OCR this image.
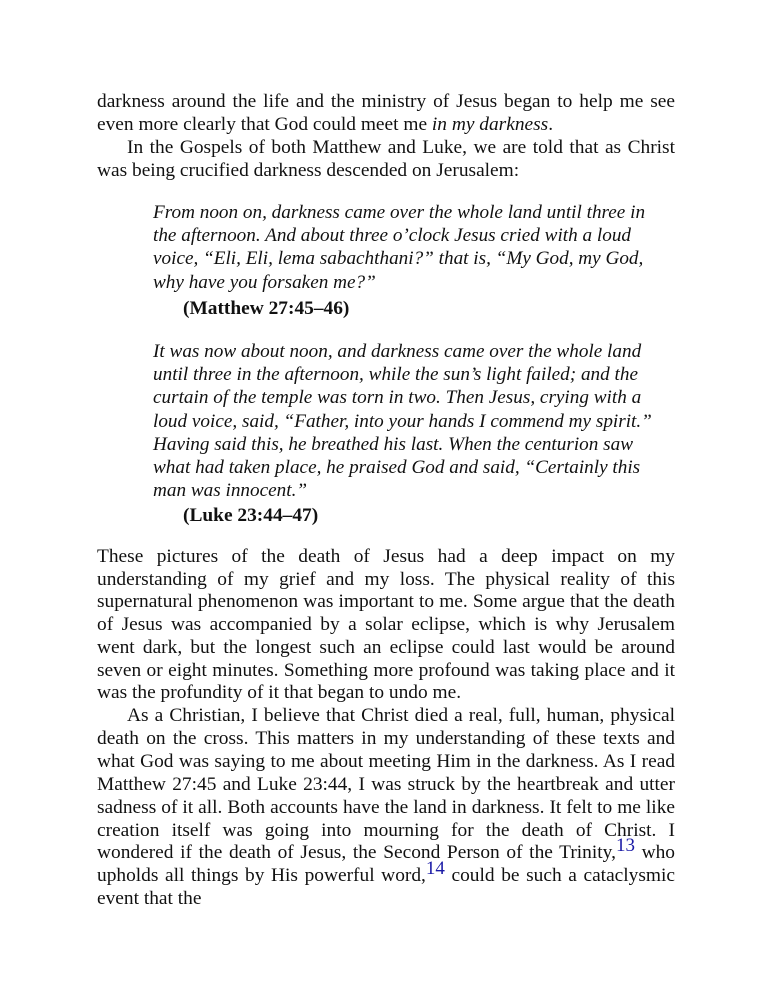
darkness around the life and the ministry of Jesus began to help me see even more clearly that God could meet me in my darkness.

In the Gospels of both Matthew and Luke, we are told that as Christ was being crucified darkness descended on Jerusalem:

From noon on, darkness came over the whole land until three in the afternoon. And about three o’clock Jesus cried with a loud voice, “Eli, Eli, lema sabachthani?” that is, “My God, my God, why have you forsaken me?”

(Matthew 27:45–46)

It was now about noon, and darkness came over the whole land until three in the afternoon, while the sun’s light failed; and the curtain of the temple was torn in two. Then Jesus, crying with a loud voice, said, “Father, into your hands I commend my spirit.” Having said this, he breathed his last. When the centurion saw what had taken place, he praised God and said, “Certainly this man was innocent.”

(Luke 23:44–47)

These pictures of the death of Jesus had a deep impact on my understanding of my grief and my loss. The physical reality of this supernatural phenomenon was important to me. Some argue that the death of Jesus was accompanied by a solar eclipse, which is why Jerusalem went dark, but the longest such an eclipse could last would be around seven or eight minutes. Something more profound was taking place and it was the profundity of it that began to undo me.

As a Christian, I believe that Christ died a real, full, human, physical death on the cross. This matters in my understanding of these texts and what God was saying to me about meeting Him in the darkness. As I read Matthew 27:45 and Luke 23:44, I was struck by the heartbreak and utter sadness of it all. Both accounts have the land in darkness. It felt to me like creation itself was going into mourning for the death of Christ. I wondered if the death of Jesus, the Second Person of the Trinity,$^{13}$ who upholds all things by His powerful word,$^{14}$ could be such a cataclysmic event that the
